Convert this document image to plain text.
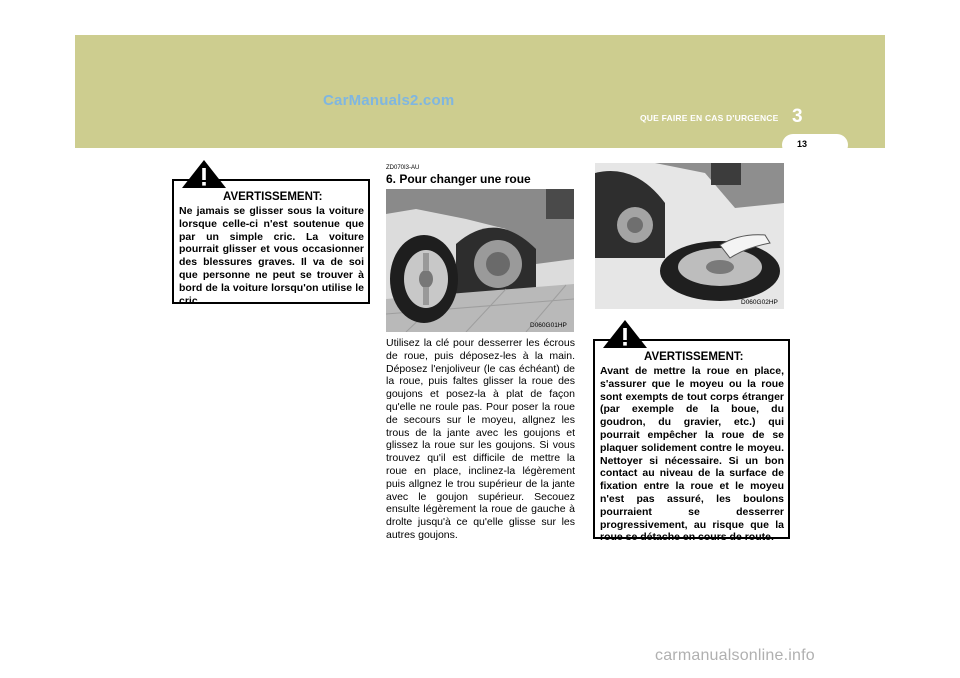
CarManuals2.com
QUE FAIRE EN CAS D'URGENCE 3
13
AVERTISSEMENT:
Ne jamais se glisser sous la voiture lorsque celle-ci n'est soutenue que par un simple cric. La voiture pourrait glisser et vous occasionner des blessures graves. Il va de soi que personne ne peut se trouver à bord de la voiture lorsqu'on utilise le cric.
ZD070I3-AU
6. Pour changer une roue
D060G01HP
Utilisez la clé pour desserrer les écrous de roue, puis déposez-les à la main. Déposez l'enjoliveur (le cas échéant) de la roue, puis faltes glisser la roue des goujons et posez-la à plat de façon qu'elle ne roule pas. Pour poser la roue de secours sur le moyeu, allgnez les trous de la jante avec les goujons et glissez la roue sur les goujons. Si vous trouvez qu'il est difficile de mettre la roue en place, inclinez-la légèrement puis allgnez le trou supérieur de la jante avec le goujon supérieur. Secouez ensulte légèrement la roue de gauche à drolte jusqu'à ce qu'elle glisse sur les autres goujons.
D060G02HP
AVERTISSEMENT:
Avant de mettre la roue en place, s'assurer que le moyeu ou la roue sont exempts de tout corps étranger (par exemple de la boue, du goudron, du gravier, etc.) qui pourrait empêcher la roue de se plaquer solidement contre le moyeu. Nettoyer si nécessaire. Si un bon contact au niveau de la surface de fixation entre la roue et le moyeu n'est pas assuré, les boulons pourraient se desserrer progressivement, au risque que la roue se détache en cours de route.
carmanualsonline.info
